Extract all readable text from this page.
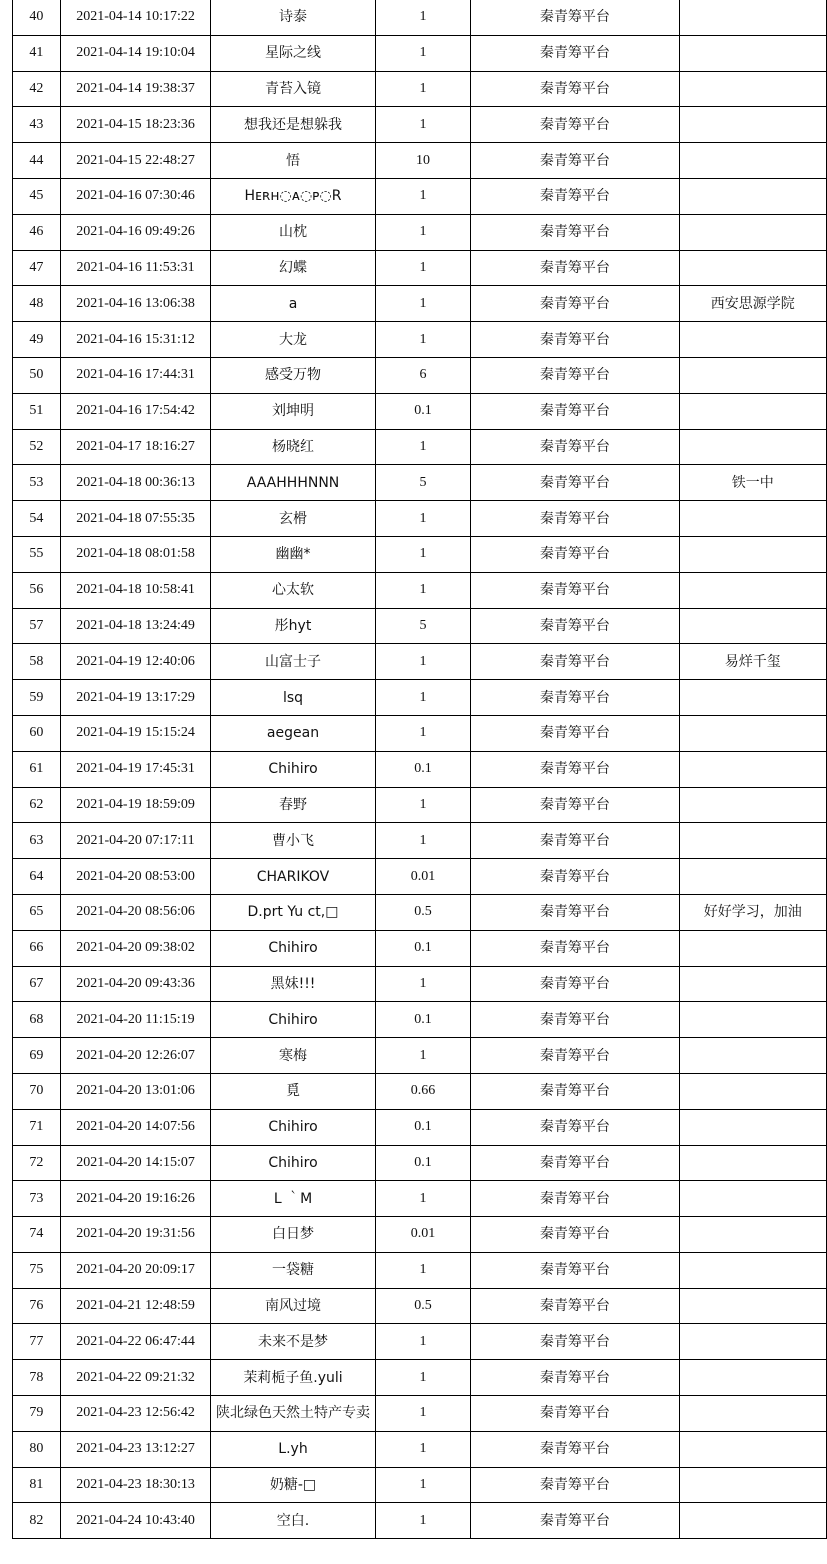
40	2021-04-14 10:17:22	诗泰	1	秦青筹平台	
41	2021-04-14 19:10:04	星际之线	1	秦青筹平台	
42	2021-04-14 19:38:37	青苔入镜	1	秦青筹平台	
43	2021-04-15 18:23:36	想我还是想躲我	1	秦青筹平台	
44	2021-04-15 22:48:27	悟	10	秦青筹平台	
45	2021-04-16 07:30:46	Hᴇʀʜ◌ᴀ◌ᴘ◌R	1	秦青筹平台	
46	2021-04-16 09:49:26	山枕	1	秦青筹平台	
47	2021-04-16 11:53:31	幻蝶	1	秦青筹平台	
48	2021-04-16 13:06:38	a	1	秦青筹平台	西安思源学院
49	2021-04-16 15:31:12	大龙	1	秦青筹平台	
50	2021-04-16 17:44:31	感受万物	6	秦青筹平台	
51	2021-04-16 17:54:42	刘坤明	0.1	秦青筹平台	
52	2021-04-17 18:16:27	杨晓红	1	秦青筹平台	
53	2021-04-18 00:36:13	AAAHHHNNN	5	秦青筹平台	铁一中
54	2021-04-18 07:55:35	玄榾	1	秦青筹平台	
55	2021-04-18 08:01:58	幽幽*	1	秦青筹平台	
56	2021-04-18 10:58:41	心太软	1	秦青筹平台	
57	2021-04-18 13:24:49	彤hyt	5	秦青筹平台	
58	2021-04-19 12:40:06	山富士子	1	秦青筹平台	易烊千玺
59	2021-04-19 13:17:29	lsq	1	秦青筹平台	
60	2021-04-19 15:15:24	aegean	1	秦青筹平台	
61	2021-04-19 17:45:31	Chihiro	0.1	秦青筹平台	
62	2021-04-19 18:59:09	春野	1	秦青筹平台	
63	2021-04-20 07:17:11	曹小飞	1	秦青筹平台	
64	2021-04-20 08:53:00	CHARIKOV	0.01	秦青筹平台	
65	2021-04-20 08:56:06	D.prt Yu ct,□	0.5	秦青筹平台	好好学习，加油
66	2021-04-20 09:38:02	Chihiro	0.1	秦青筹平台	
67	2021-04-20 09:43:36	黑妹!!!	1	秦青筹平台	
68	2021-04-20 11:15:19	Chihiro	0.1	秦青筹平台	
69	2021-04-20 12:26:07	寒梅	1	秦青筹平台	
70	2021-04-20 13:01:06	覓	0.66	秦青筹平台	
71	2021-04-20 14:07:56	Chihiro	0.1	秦青筹平台	
72	2021-04-20 14:15:07	Chihiro	0.1	秦青筹平台	
73	2021-04-20 19:16:26	L ｀M	1	秦青筹平台	
74	2021-04-20 19:31:56	白日梦	0.01	秦青筹平台	
75	2021-04-20 20:09:17	一袋糖	1	秦青筹平台	
76	2021-04-21 12:48:59	南风过境	0.5	秦青筹平台	
77	2021-04-22 06:47:44	未来不是梦	1	秦青筹平台	
78	2021-04-22 09:21:32	茉莉栀子鱼.yuli	1	秦青筹平台	
79	2021-04-23 12:56:42	陕北绿色天然土特产专卖	1	秦青筹平台	
80	2021-04-23 13:12:27	L.yh	1	秦青筹平台	
81	2021-04-23 18:30:13	奶糖-□	1	秦青筹平台	
82	2021-04-24 10:43:40	空白.	1	秦青筹平台	
